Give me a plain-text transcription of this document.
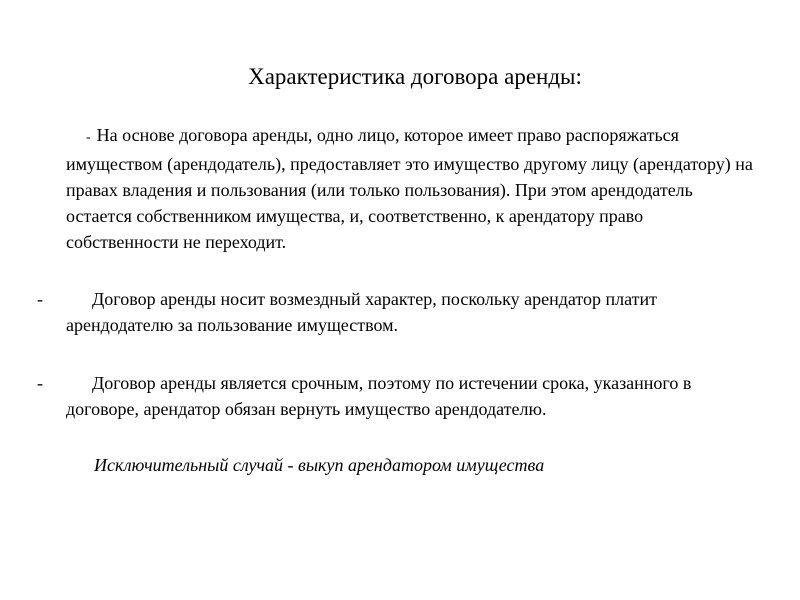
Характеристика договора аренды:
- На основе договора аренды, одно лицо, которое имеет право распоряжаться имуществом (арендодатель), предоставляет это имущество другому лицу (арендатору) на правах владения и пользования (или только пользования). При этом арендодатель остается собственником имущества, и, соответственно, к арендатору право собственности не переходит.
-	Договор аренды носит возмездный характер, поскольку арендатор платит арендодателю за пользование имуществом.
-	Договор аренды является срочным, поэтому по истечении срока, указанного в договоре, арендатор обязан вернуть имущество арендодателю.
Исключительный случай - выкуп арендатором имущества
